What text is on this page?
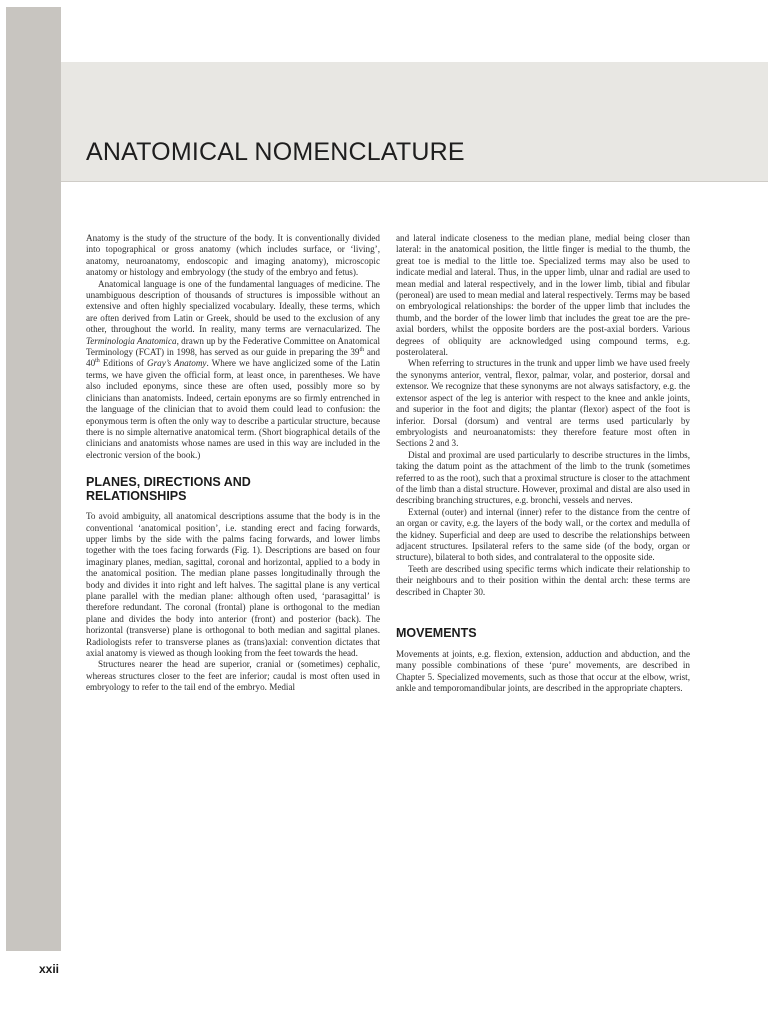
ANATOMICAL NOMENCLATURE

Anatomy is the study of the structure of the body. It is conventionally divided into topographical or gross anatomy (which includes surface, or ‘living’, anatomy, neuroanatomy, endoscopic and imaging anatomy), microscopic anatomy or histology and embryology (the study of the embryo and fetus).

Anatomical language is one of the fundamental languages of medicine. The unambiguous description of thousands of structures is impossible without an extensive and often highly specialized vocabulary. Ideally, these terms, which are often derived from Latin or Greek, should be used to the exclusion of any other, throughout the world. In reality, many terms are vernacularized. The Terminologia Anatomica, drawn up by the Federative Committee on Anatomical Terminology (FCAT) in 1998, has served as our guide in preparing the 39th and 40th Editions of Gray’s Anatomy. Where we have anglicized some of the Latin terms, we have given the official form, at least once, in parentheses. We have also included eponyms, since these are often used, possibly more so by clinicians than anatomists. Indeed, certain eponyms are so firmly entrenched in the language of the clinician that to avoid them could lead to confusion: the eponymous term is often the only way to describe a particular structure, because there is no simple alternative anatomical term. (Short biographical details of the clinicians and anatomists whose names are used in this way are included in the electronic version of the book.)

PLANES, DIRECTIONS AND
RELATIONSHIPS

To avoid ambiguity, all anatomical descriptions assume that the body is in the conventional ‘anatomical position’, i.e. standing erect and facing forwards, upper limbs by the side with the palms facing forwards, and lower limbs together with the toes facing forwards (Fig. 1). Descriptions are based on four imaginary planes, median, sagittal, coronal and horizontal, applied to a body in the anatomical position. The median plane passes longitudinally through the body and divides it into right and left halves. The sagittal plane is any vertical plane parallel with the median plane: although often used, ‘parasagittal’ is therefore redundant. The coronal (frontal) plane is orthogonal to the median plane and divides the body into anterior (front) and posterior (back). The horizontal (transverse) plane is orthogonal to both median and sagittal planes. Radiologists refer to transverse planes as (trans)axial: convention dictates that axial anatomy is viewed as though looking from the feet towards the head.

Structures nearer the head are superior, cranial or (sometimes) cephalic, whereas structures closer to the feet are inferior; caudal is most often used in embryology to refer to the tail end of the embryo. Medial

and lateral indicate closeness to the median plane, medial being closer than lateral: in the anatomical position, the little finger is medial to the thumb, the great toe is medial to the little toe. Specialized terms may also be used to indicate medial and lateral. Thus, in the upper limb, ulnar and radial are used to mean medial and lateral respectively, and in the lower limb, tibial and fibular (peroneal) are used to mean medial and lateral respectively. Terms may be based on embryological relationships: the border of the upper limb that includes the thumb, and the border of the lower limb that includes the great toe are the pre-axial borders, whilst the opposite borders are the post-axial borders. Various degrees of obliquity are acknowledged using compound terms, e.g. posterolateral.

When referring to structures in the trunk and upper limb we have used freely the synonyms anterior, ventral, flexor, palmar, volar, and posterior, dorsal and extensor. We recognize that these synonyms are not always satisfactory, e.g. the extensor aspect of the leg is anterior with respect to the knee and ankle joints, and superior in the foot and digits; the plantar (flexor) aspect of the foot is inferior. Dorsal (dorsum) and ventral are terms used particularly by embryologists and neuroanatomists: they therefore feature most often in Sections 2 and 3.

Distal and proximal are used particularly to describe structures in the limbs, taking the datum point as the attachment of the limb to the trunk (sometimes referred to as the root), such that a proximal structure is closer to the attachment of the limb than a distal structure. However, proximal and distal are also used in describing branching structures, e.g. bronchi, vessels and nerves.

External (outer) and internal (inner) refer to the distance from the centre of an organ or cavity, e.g. the layers of the body wall, or the cortex and medulla of the kidney. Superficial and deep are used to describe the relationships between adjacent structures. Ipsilateral refers to the same side (of the body, organ or structure), bilateral to both sides, and contralateral to the opposite side.

Teeth are described using specific terms which indicate their relationship to their neighbours and to their position within the dental arch: these terms are described in Chapter 30.

MOVEMENTS

Movements at joints, e.g. flexion, extension, adduction and abduction, and the many possible combinations of these ‘pure’ movements, are described in Chapter 5. Specialized movements, such as those that occur at the elbow, wrist, ankle and temporomandibular joints, are described in the appropriate chapters.

xxii
